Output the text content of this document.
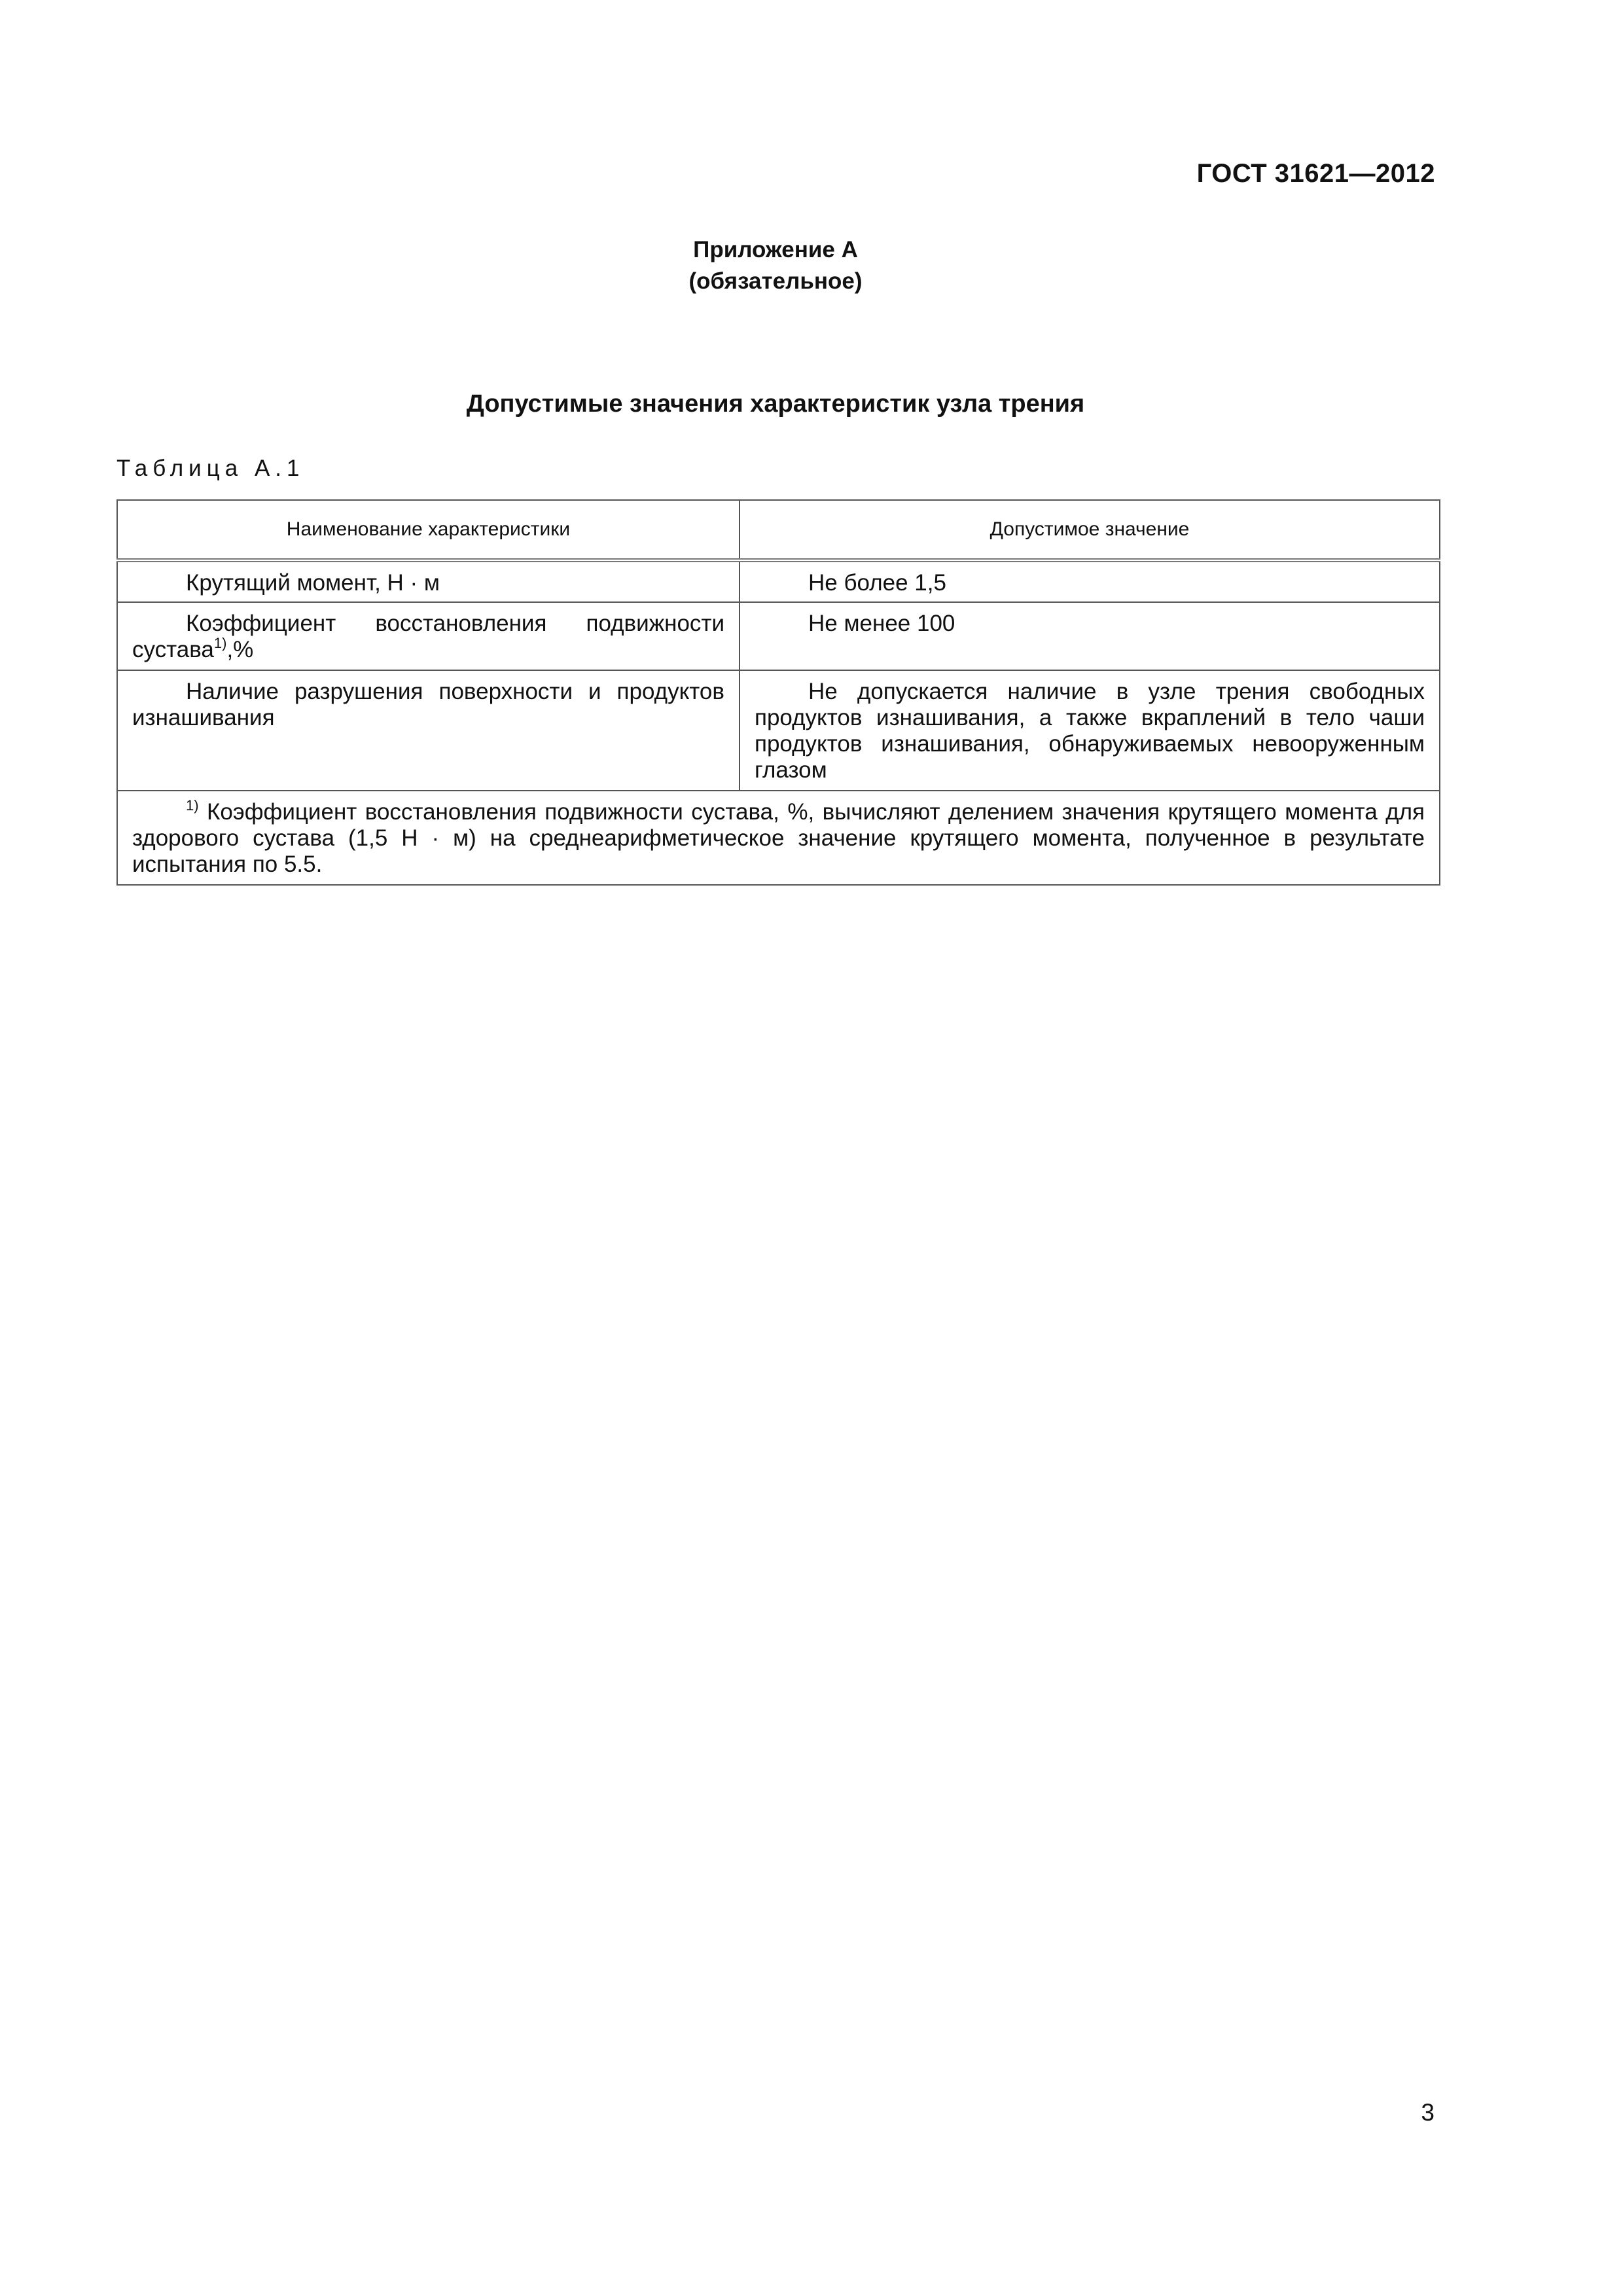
ГОСТ 31621—2012
Приложение А
(обязательное)
Допустимые значения характеристик узла трения
Таблица А.1
Наименование характеристики	Допустимое значение
Крутящий момент, Н · м	Не более 1,5
Коэффициент восстановления подвижности сустава$^{1)}$,%	Не менее 100
Наличие разрушения поверхности и продуктов изнашивания	Не допускается наличие в узле трения свободных продуктов изнашивания, а также вкраплений в тело чаши продуктов изнашивания, обнаруживаемых невооруженным глазом
$^{1)}$ Коэффициент восстановления подвижности сустава, %, вычисляют делением значения крутящего момента для здорового сустава (1,5 Н · м) на среднеарифметическое значение крутящего момента, полученное в результате испытания по 5.5.	
3
